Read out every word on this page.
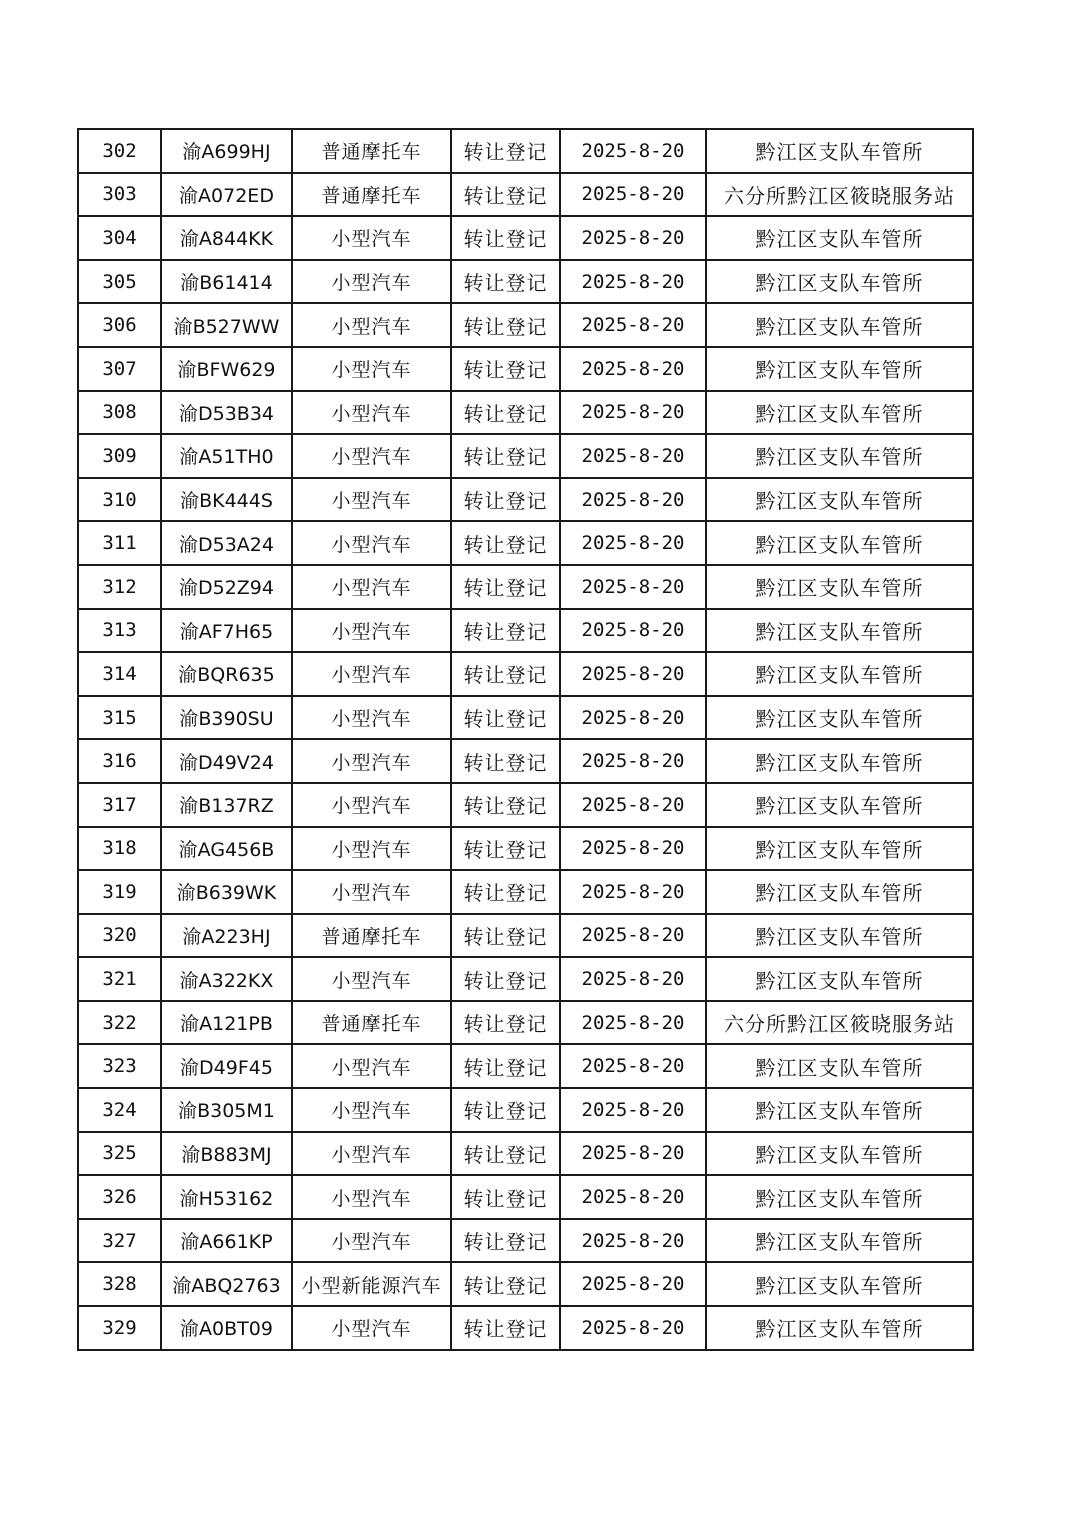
302	渝A699HJ	普通摩托车	转让登记	2025-8-20	黔江区支队车管所
303	渝A072ED	普通摩托车	转让登记	2025-8-20	六分所黔江区筱晓服务站
304	渝A844KK	小型汽车	转让登记	2025-8-20	黔江区支队车管所
305	渝B61414	小型汽车	转让登记	2025-8-20	黔江区支队车管所
306	渝B527WW	小型汽车	转让登记	2025-8-20	黔江区支队车管所
307	渝BFW629	小型汽车	转让登记	2025-8-20	黔江区支队车管所
308	渝D53B34	小型汽车	转让登记	2025-8-20	黔江区支队车管所
309	渝A51TH0	小型汽车	转让登记	2025-8-20	黔江区支队车管所
310	渝BK444S	小型汽车	转让登记	2025-8-20	黔江区支队车管所
311	渝D53A24	小型汽车	转让登记	2025-8-20	黔江区支队车管所
312	渝D52Z94	小型汽车	转让登记	2025-8-20	黔江区支队车管所
313	渝AF7H65	小型汽车	转让登记	2025-8-20	黔江区支队车管所
314	渝BQR635	小型汽车	转让登记	2025-8-20	黔江区支队车管所
315	渝B390SU	小型汽车	转让登记	2025-8-20	黔江区支队车管所
316	渝D49V24	小型汽车	转让登记	2025-8-20	黔江区支队车管所
317	渝B137RZ	小型汽车	转让登记	2025-8-20	黔江区支队车管所
318	渝AG456B	小型汽车	转让登记	2025-8-20	黔江区支队车管所
319	渝B639WK	小型汽车	转让登记	2025-8-20	黔江区支队车管所
320	渝A223HJ	普通摩托车	转让登记	2025-8-20	黔江区支队车管所
321	渝A322KX	小型汽车	转让登记	2025-8-20	黔江区支队车管所
322	渝A121PB	普通摩托车	转让登记	2025-8-20	六分所黔江区筱晓服务站
323	渝D49F45	小型汽车	转让登记	2025-8-20	黔江区支队车管所
324	渝B305M1	小型汽车	转让登记	2025-8-20	黔江区支队车管所
325	渝B883MJ	小型汽车	转让登记	2025-8-20	黔江区支队车管所
326	渝H53162	小型汽车	转让登记	2025-8-20	黔江区支队车管所
327	渝A661KP	小型汽车	转让登记	2025-8-20	黔江区支队车管所
328	渝ABQ2763	小型新能源汽车	转让登记	2025-8-20	黔江区支队车管所
329	渝A0BT09	小型汽车	转让登记	2025-8-20	黔江区支队车管所
